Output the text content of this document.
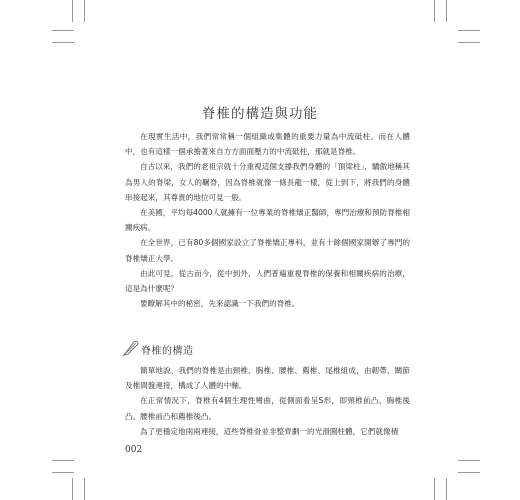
脊椎的構造與功能

在現實生活中，我們常常稱一個組織或集體的重要力量為中流砥柱。而在人體中，也有這樣一個承擔著來自方方面面壓力的中流砥柱，那就是脊椎。

自古以來，我們的老祖宗就十分重視這個支撐我們身體的「頂梁柱」，驕傲地稱其為男人的脊梁，女人的羈脊，因為脊椎就像一條長龍一樣，從上到下，將我們的身體串接起來，其尊貴的地位可見一般。

在美國，平均每4000人就擁有一位專業的脊椎矯正醫師，專門治療和預防脊椎相關疾病。

在全世界，已有80多個國家設立了脊椎矯正專科，並有十餘個國家開辦了專門的脊椎矯正大學。

由此可見，從古而今，從中到外，人們普遍重視脊椎的保養和相關疾病的治療，這是為什麼呢？

要瞭解其中的秘密，先來認識一下我們的脊椎。

脊椎的構造

簡單地說，我們的脊椎是由頸椎、胸椎、腰椎、薦椎、尾椎組成，由韌帶、關節及椎間盤連接，構成了人體的中軸。

在正常情況下，脊椎有4個生理性彎曲，從側面看呈S形，即頸椎前凸、胸椎後凸、腰椎前凸和薦椎後凸。

為了更穩定地兩兩連接，這些脊椎骨並非整齊劃一的光滑圓柱體，它們就像積

002
